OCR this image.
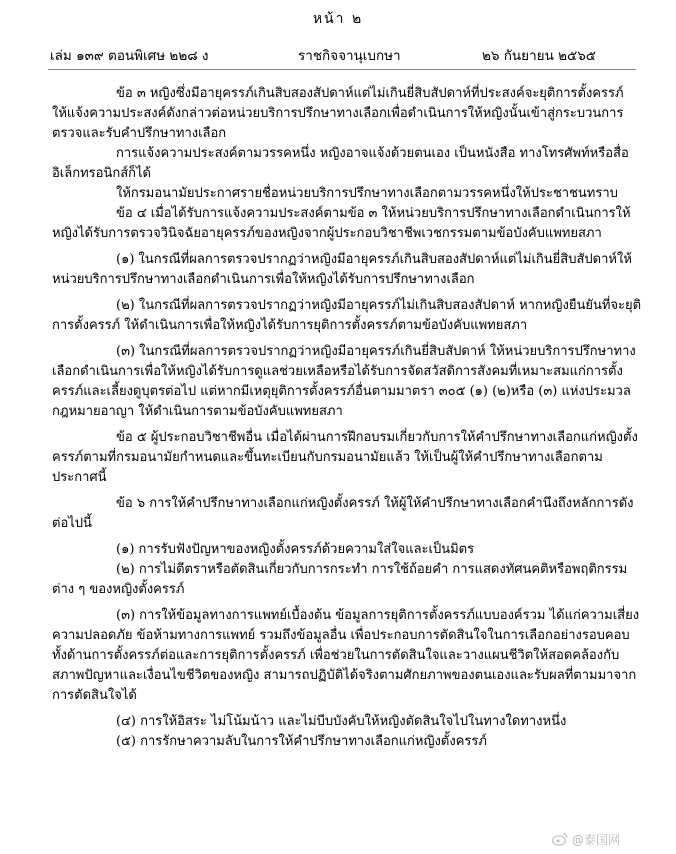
หน้า ๒
เล่ม ๑๓๙ ตอนพิเศษ ๒๒๘ ง	ราชกิจจานุเบกษา	๒๖ กันยายน ๒๕๖๕

ข้อ ๓ หญิงซึ่งมีอายุครรภ์เกินสิบสองสัปดาห์แต่ไม่เกินยี่สิบสัปดาห์ที่ประสงค์จะยุติการตั้งครรภ์ ให้แจ้งความประสงค์ดังกล่าวต่อหน่วยบริการปรึกษาทางเลือกเพื่อดำเนินการให้หญิงนั้นเข้าสู่กระบวนการตรวจและรับคำปรึกษาทางเลือก

การแจ้งความประสงค์ตามวรรคหนึ่ง หญิงอาจแจ้งด้วยตนเอง เป็นหนังสือ ทางโทรศัพท์หรือสื่ออิเล็กทรอนิกส์ก็ได้

ให้กรมอนามัยประกาศรายชื่อหน่วยบริการปรึกษาทางเลือกตามวรรคหนึ่งให้ประชาชนทราบ

ข้อ ๔ เมื่อได้รับการแจ้งความประสงค์ตามข้อ ๓ ให้หน่วยบริการปรึกษาทางเลือกดำเนินการให้หญิงได้รับการตรวจวินิจฉัยอายุครรภ์ของหญิงจากผู้ประกอบวิชาชีพเวชกรรมตามข้อบังคับแพทยสภา

(๑) ในกรณีที่ผลการตรวจปรากฏว่าหญิงมีอายุครรภ์เกินสิบสองสัปดาห์แต่ไม่เกินยี่สิบสัปดาห์ให้หน่วยบริการปรึกษาทางเลือกดำเนินการเพื่อให้หญิงได้รับการปรึกษาทางเลือก

(๒) ในกรณีที่ผลการตรวจปรากฏว่าหญิงมีอายุครรภ์ไม่เกินสิบสองสัปดาห์ หากหญิงยืนยันที่จะยุติการตั้งครรภ์ ให้ดำเนินการเพื่อให้หญิงได้รับการยุติการตั้งครรภ์ตามข้อบังคับแพทยสภา

(๓) ในกรณีที่ผลการตรวจปรากฏว่าหญิงมีอายุครรภ์เกินยี่สิบสัปดาห์ ให้หน่วยบริการปรึกษาทางเลือกดำเนินการเพื่อให้หญิงได้รับการดูแลช่วยเหลือหรือได้รับการจัดสวัสดิการสังคมที่เหมาะสมแก่การตั้งครรภ์และเลี้ยงดูบุตรต่อไป แต่หากมีเหตุยุติการตั้งครรภ์อื่นตามมาตรา ๓๐๕ (๑) (๒)หรือ (๓) แห่งประมวลกฎหมายอาญา ให้ดำเนินการตามข้อบังคับแพทยสภา

ข้อ ๕ ผู้ประกอบวิชาชีพอื่น เมื่อได้ผ่านการฝึกอบรมเกี่ยวกับการให้คำปรึกษาทางเลือกแก่หญิงตั้งครรภ์ตามที่กรมอนามัยกำหนดและขึ้นทะเบียนกับกรมอนามัยแล้ว ให้เป็นผู้ให้คำปรึกษาทางเลือกตามประกาศนี้

ข้อ ๖ การให้คำปรึกษาทางเลือกแก่หญิงตั้งครรภ์ ให้ผู้ให้คำปรึกษาทางเลือกคำนึงถึงหลักการดังต่อไปนี้

(๑) การรับฟังปัญหาของหญิงตั้งครรภ์ด้วยความใส่ใจและเป็นมิตร

(๒) การไม่ตีตราหรือตัดสินเกี่ยวกับการกระทำ การใช้ถ้อยคำ การแสดงทัศนคติหรือพฤติกรรมต่าง ๆ ของหญิงตั้งครรภ์

(๓) การให้ข้อมูลทางการแพทย์เบื้องต้น ข้อมูลการยุติการตั้งครรภ์แบบองค์รวม ได้แก่ความเสี่ยง ความปลอดภัย ข้อห้ามทางการแพทย์ รวมถึงข้อมูลอื่น เพื่อประกอบการตัดสินใจในการเลือกอย่างรอบคอบ ทั้งด้านการตั้งครรภ์ต่อและการยุติการตั้งครรภ์ เพื่อช่วยในการตัดสินใจและวางแผนชีวิตให้สอดคล้องกับสภาพปัญหาและเงื่อนไขชีวิตของหญิง สามารถปฏิบัติได้จริงตามศักยภาพของตนเองและรับผลที่ตามมาจากการตัดสินใจได้

(๔) การให้อิสระ ไม่โน้มน้าว และไม่บีบบังคับให้หญิงตัดสินใจไปในทางใดทางหนึ่ง

(๕) การรักษาความลับในการให้คำปรึกษาทางเลือกแก่หญิงตั้งครรภ์

@泰国网
